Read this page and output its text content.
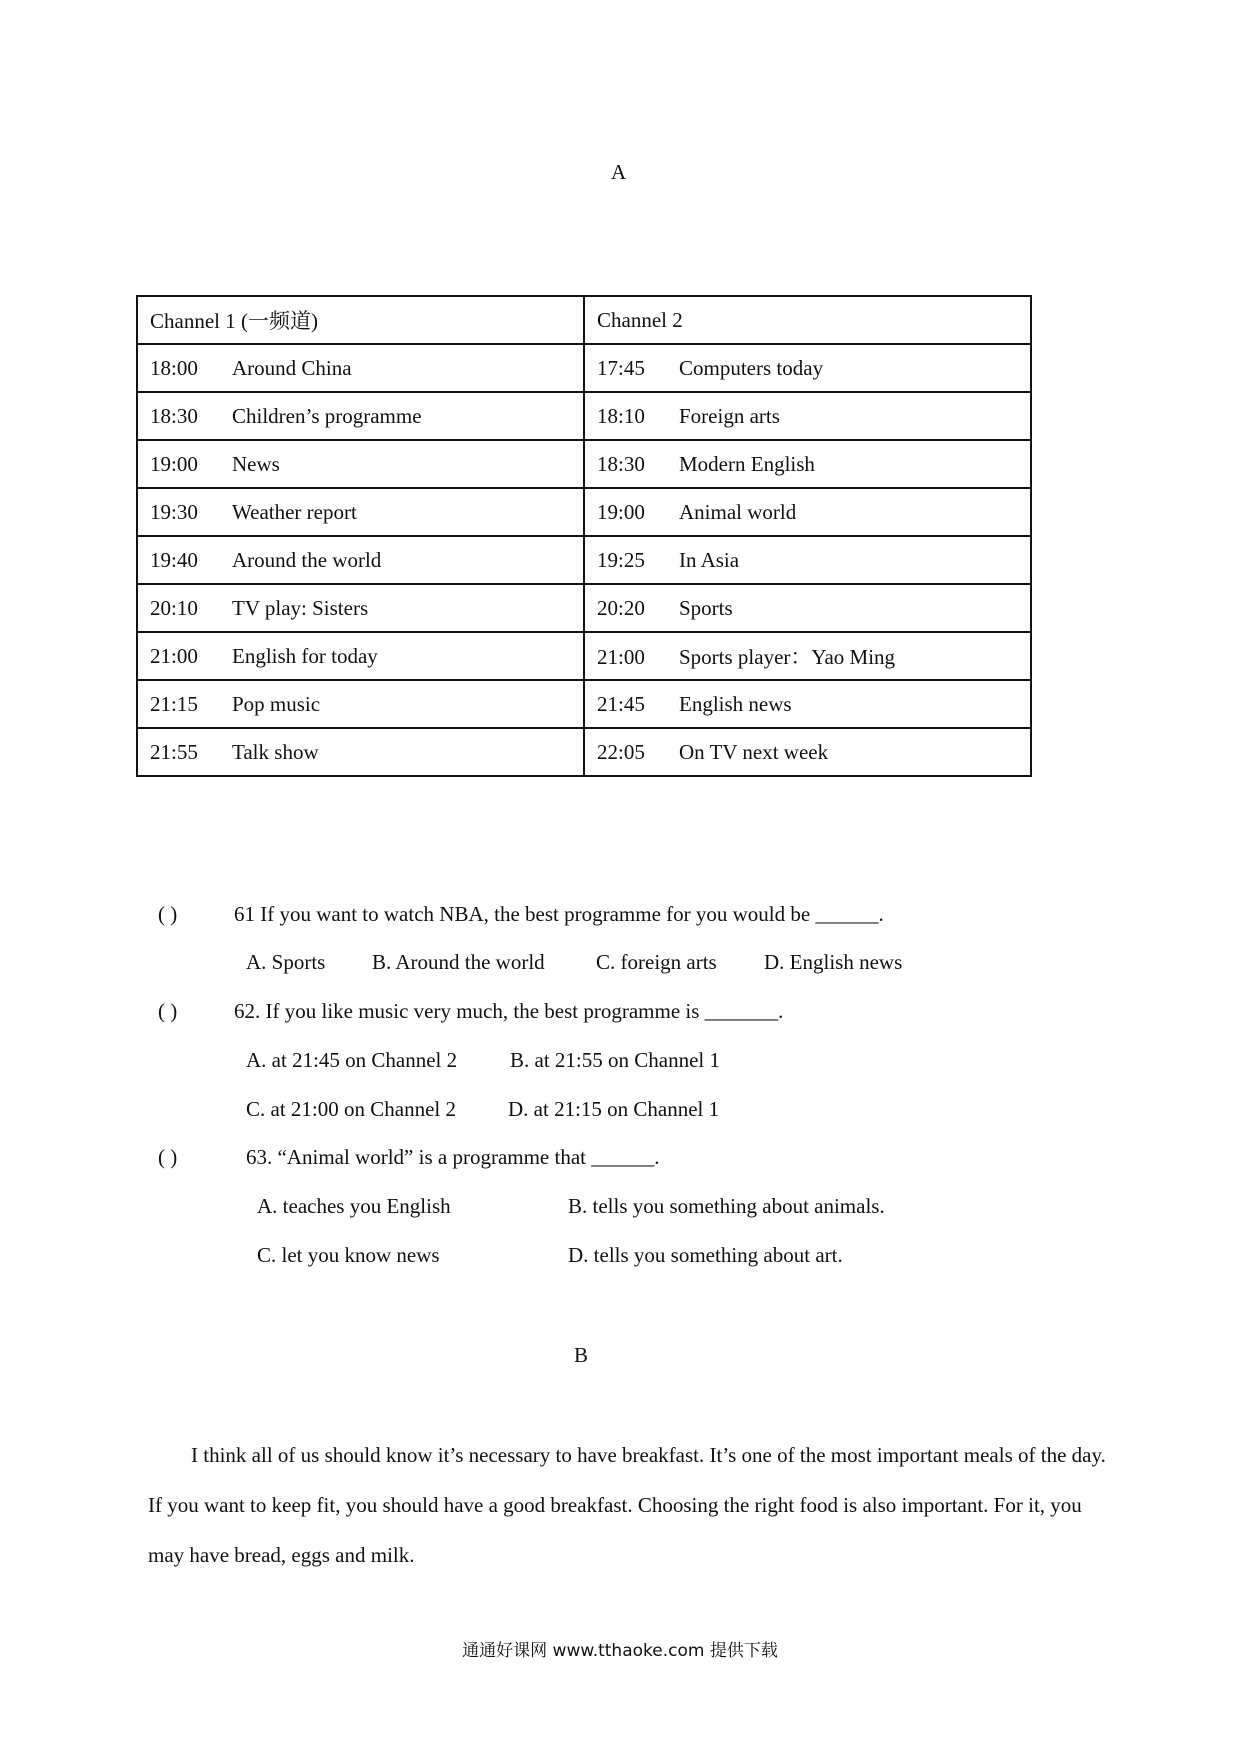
A
Channel 1 (一频道)	Channel 2
18:00 Around China	17:45 Computers today
18:30 Children’s programme	18:10 Foreign arts
19:00 News	18:30 Modern English
19:30 Weather report	19:00 Animal world
19:40 Around the world	19:25 In Asia
20:10 TV play: Sisters	20:20 Sports
21:00 English for today	21:00 Sports player：Yao Ming
21:15 Pop music	21:45 English news
21:55 Talk show	22:05 On TV next week
( )	61 If you want to watch NBA, the best programme for you would be ______.
A. Sports B. Around the world C. foreign arts D. English news
( )	62. If you like music very much, the best programme is _______.
A. at 21:45 on Channel 2	B. at 21:55 on Channel 1
C. at 21:00 on Channel 2 D. at 21:15 on Channel 1
( )	63. “Animal world” is a programme that ______.
A. teaches you English	B. tells you something about animals.
C. let you know news	D. tells you something about art.
B

I think all of us should know it’s necessary to have breakfast. It’s one of the most important meals of the day. If you want to keep fit, you should have a good breakfast. Choosing the right food is also important. For it, you may have bread, eggs and milk.

通通好课网 www.tthaoke.com 提供下载
